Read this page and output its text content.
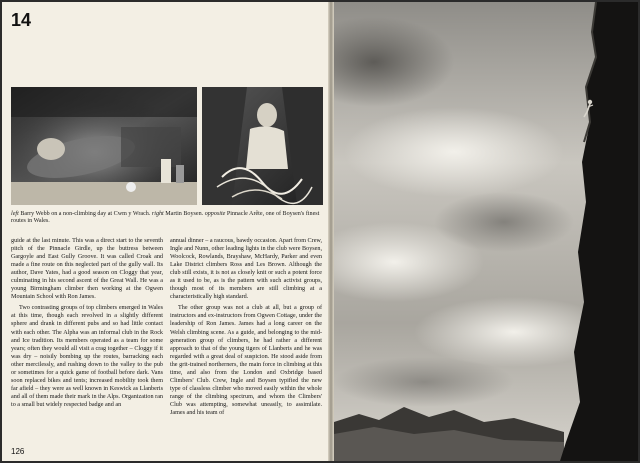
14
left Barry Webb on a non-climbing day at Cwm y Wrach. right Martin Boysen. opposite Pinnacle Arête, one of Boysen's finest routes in Wales.

guide at the last minute. This was a direct start to the seventh pitch of the Pinnacle Girdle, up the buttress between Gargoyle and East Gully Groove. It was called Croak and made a fine route on this neglected part of the gully wall. Its author, Dave Yates, had a good season on Cloggy that year, culminating in his second ascent of the Great Wall. He was a young Birmingham climber then working at the Ogwen Mountain School with Ron James.

Two contrasting groups of top climbers emerged in Wales at this time, though each revolved in a slightly different sphere and drank in different pubs and so had little contact with each other. The Alpha was an informal club in the Rock and Ice tradition. Its members operated as a team for some years; often they would all visit a crag together – Cloggy if it was dry – noisily bombing up the routes, barracking each other mercilessly, and rushing down to the valley to the pub or sometimes for a quick game of football before dark. Vans soon replaced bikes and tents; increased mobility took them far afield – they were as well known in Keswick as Llanberis and all of them made their mark in the Alps. Organization ran to a small but widely respected badge and an

annual dinner – a raucous, bawdy occasion. Apart from Crew, Ingle and Nunn, other leading lights in the club were Boysen, Woolcock, Rowlands, Brayshaw, McHardy, Parker and even Lake District climbers Ross and Les Brown. Although the club still exists, it is not as closely knit or such a potent force as it used to be, as is the pattern with such activist groups, though most of its members are still climbing at a characteristically high standard.

The other group was not a club at all, but a group of instructors and ex-instructors from Ogwen Cottage, under the leadership of Ron James. James had a long career on the Welsh climbing scene. As a guide, and belonging to the mid-generation group of climbers, he had rather a different approach to that of the young tigers of Llanberis and he was regarded with a great deal of suspicion. He stood aside from the grit-trained northerners, the main force in climbing at this time, and also from the London and Oxbridge based Climbers' Club. Crew, Ingle and Boysen typified the new type of classless climber who moved easily within the whole range of the climbing spectrum, and whom the Climbers' Club was attempting, somewhat uneasily, to assimilate. James and his team of

126
